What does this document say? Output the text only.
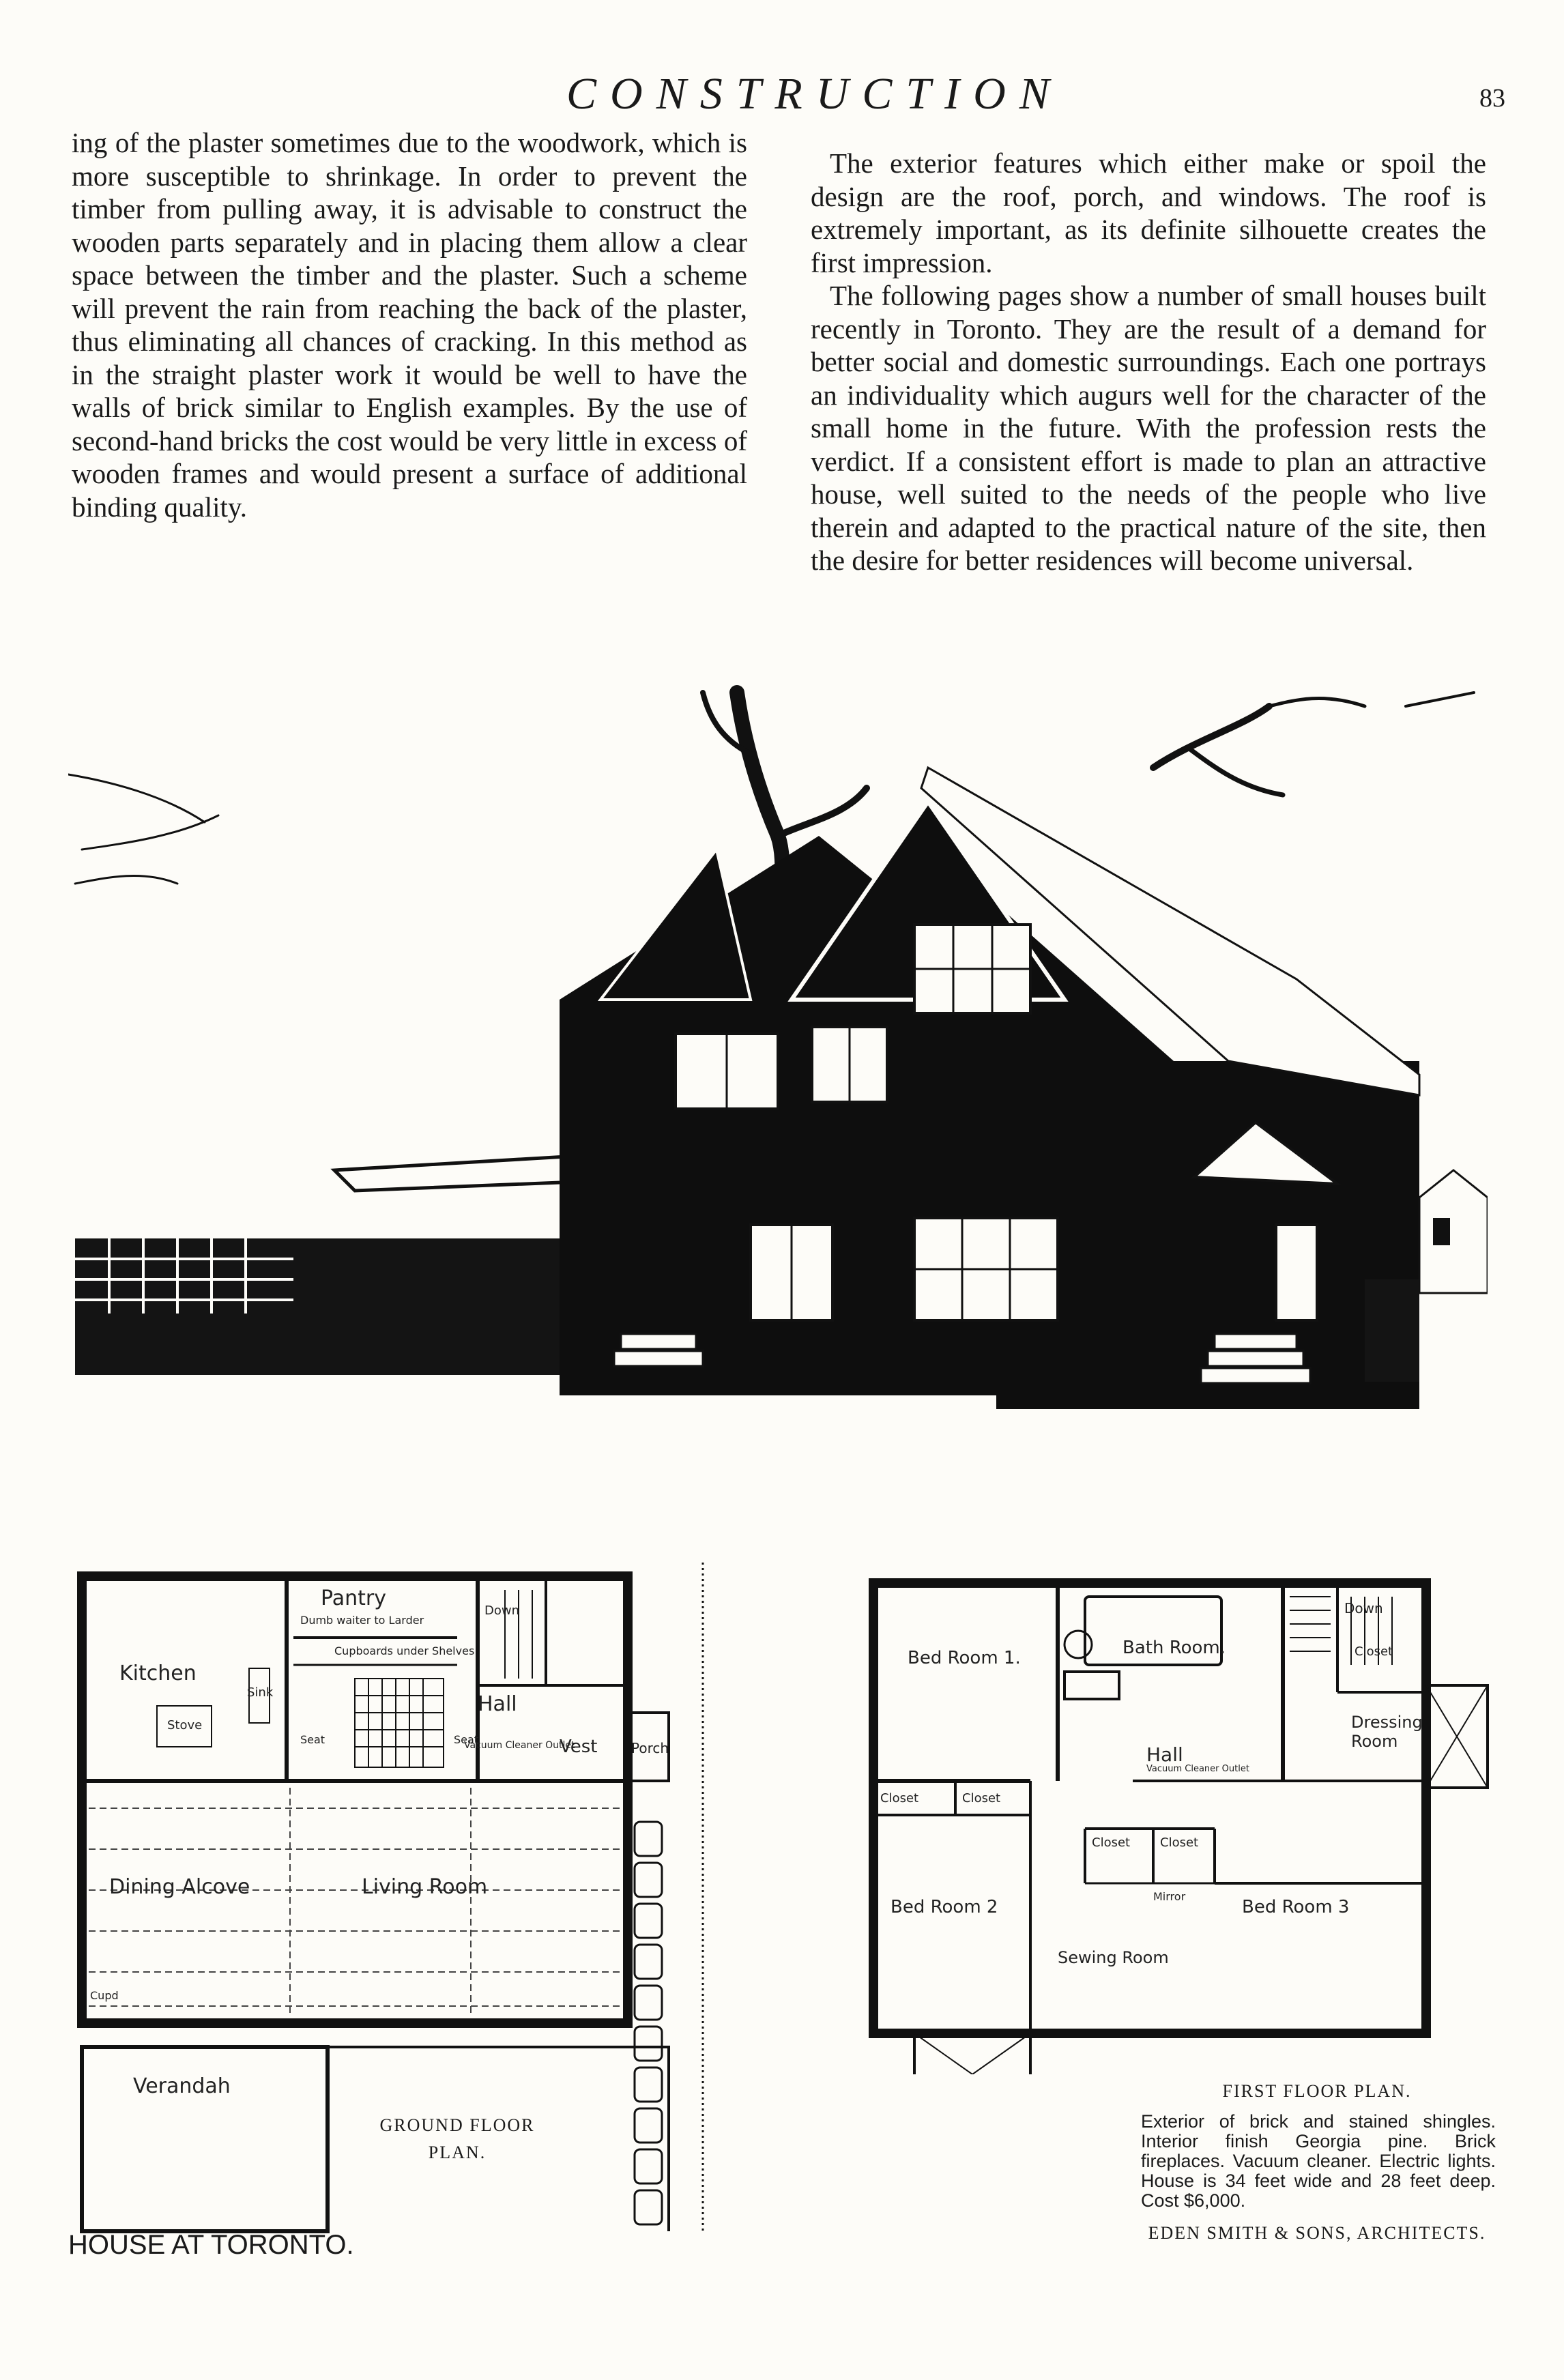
CONSTRUCTION	83

ing of the plaster sometimes due to the woodwork, which is more susceptible to shrinkage. In order to prevent the timber from pulling away, it is advisable to construct the wooden parts separately and in placing them allow a clear space between the timber and the plaster. Such a scheme will prevent the rain from reaching the back of the plaster, thus eliminating all chances of cracking. In this method as in the straight plaster work it would be well to have the walls of brick similar to English examples. By the use of second-hand bricks the cost would be very little in excess of wooden frames and would present a surface of additional binding quality.

The exterior features which either make or spoil the design are the roof, porch, and windows. The roof is extremely important, as its definite silhouette creates the first impression.

The following pages show a number of small houses built recently in Toronto. They are the result of a demand for better social and domestic surroundings. Each one portrays an individuality which augurs well for the character of the small home in the future. With the profession rests the verdict. If a consistent effort is made to plan an attractive house, well suited to the needs of the people who live therein and adapted to the practical nature of the site, then the desire for better residences will become universal.

Pantry
Dumb waiter to Larder
Cupboards under Shelves
Kitchen
Sink
Stove
Down
Hall
Vacuum Cleaner Outlet
Vest Porch
Seat	Seat
Cupd
Dining Alcove	Living Room
Verandah
GROUND FLOOR PLAN.
Bed Room 1.	Bath Room.
Down
Closet
Dressing Room
Hall
Vacuum Cleaner Outlet
Closet	Closet
Closet Closet
Mirror
Bed Room 2	Bed Room 3
Sewing Room
FIRST FLOOR PLAN.
Exterior of brick and stained shingles. Interior finish Georgia pine. Brick fireplaces. Vacuum cleaner. Electric lights. House is 34 feet wide and 28 feet deep. Cost $6,000.
HOUSE AT TORONTO.	EDEN SMITH & SONS, ARCHITECTS.
